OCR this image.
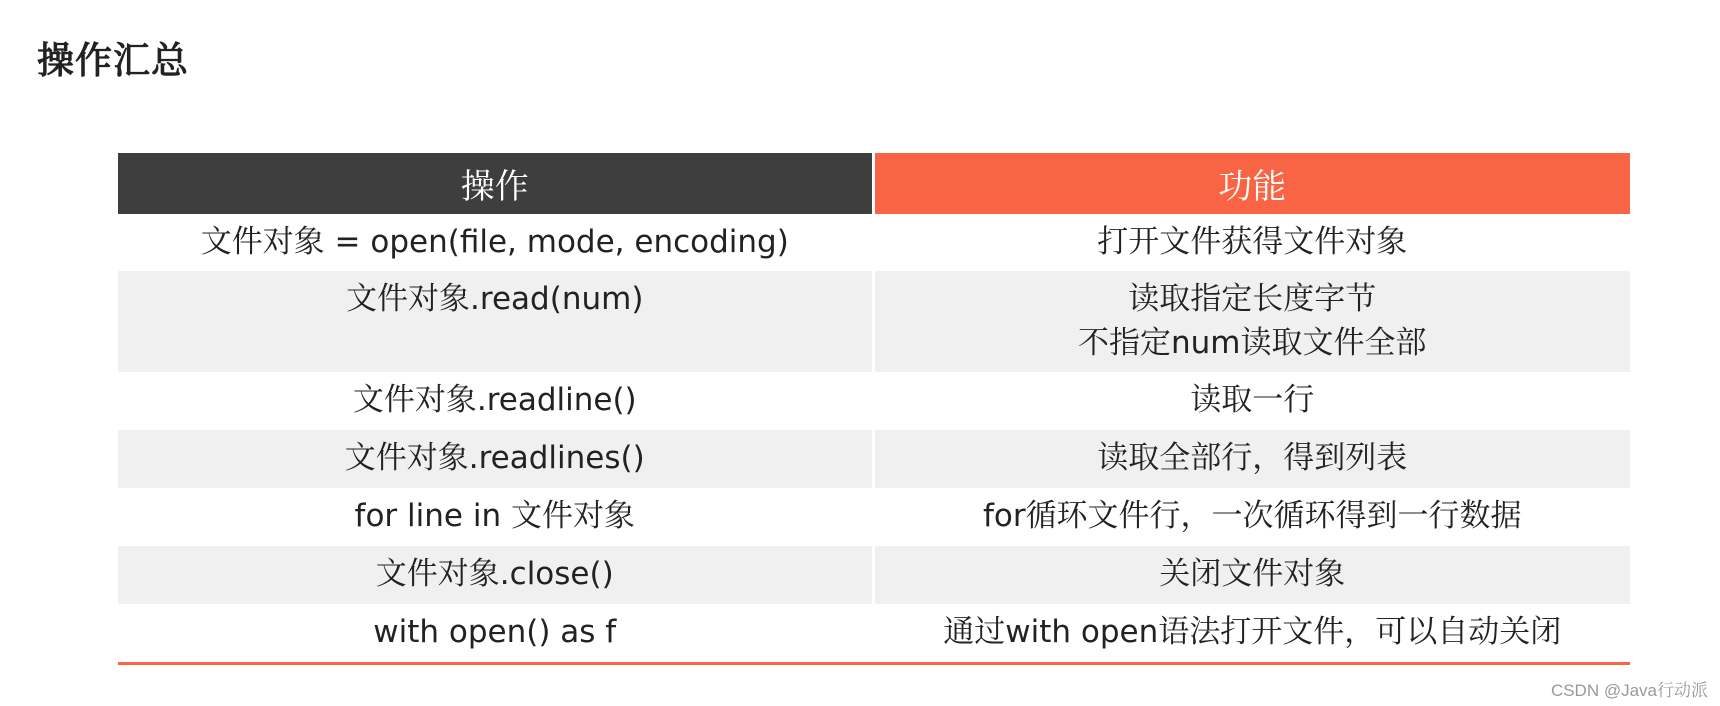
操作汇总
操作	功能

文件对象 = open(file, mode, encoding)	打开文件获得文件对象

文件对象.read(num)	读取指定长度字节
不指定num读取文件全部

文件对象.readline()	读取一行

文件对象.readlines()	读取全部行，得到列表

for line in 文件对象	for循环文件行，一次循环得到一行数据

文件对象.close()	关闭文件对象

with open() as f	通过with open语法打开文件，可以自动关闭
CSDN @Java行动派
